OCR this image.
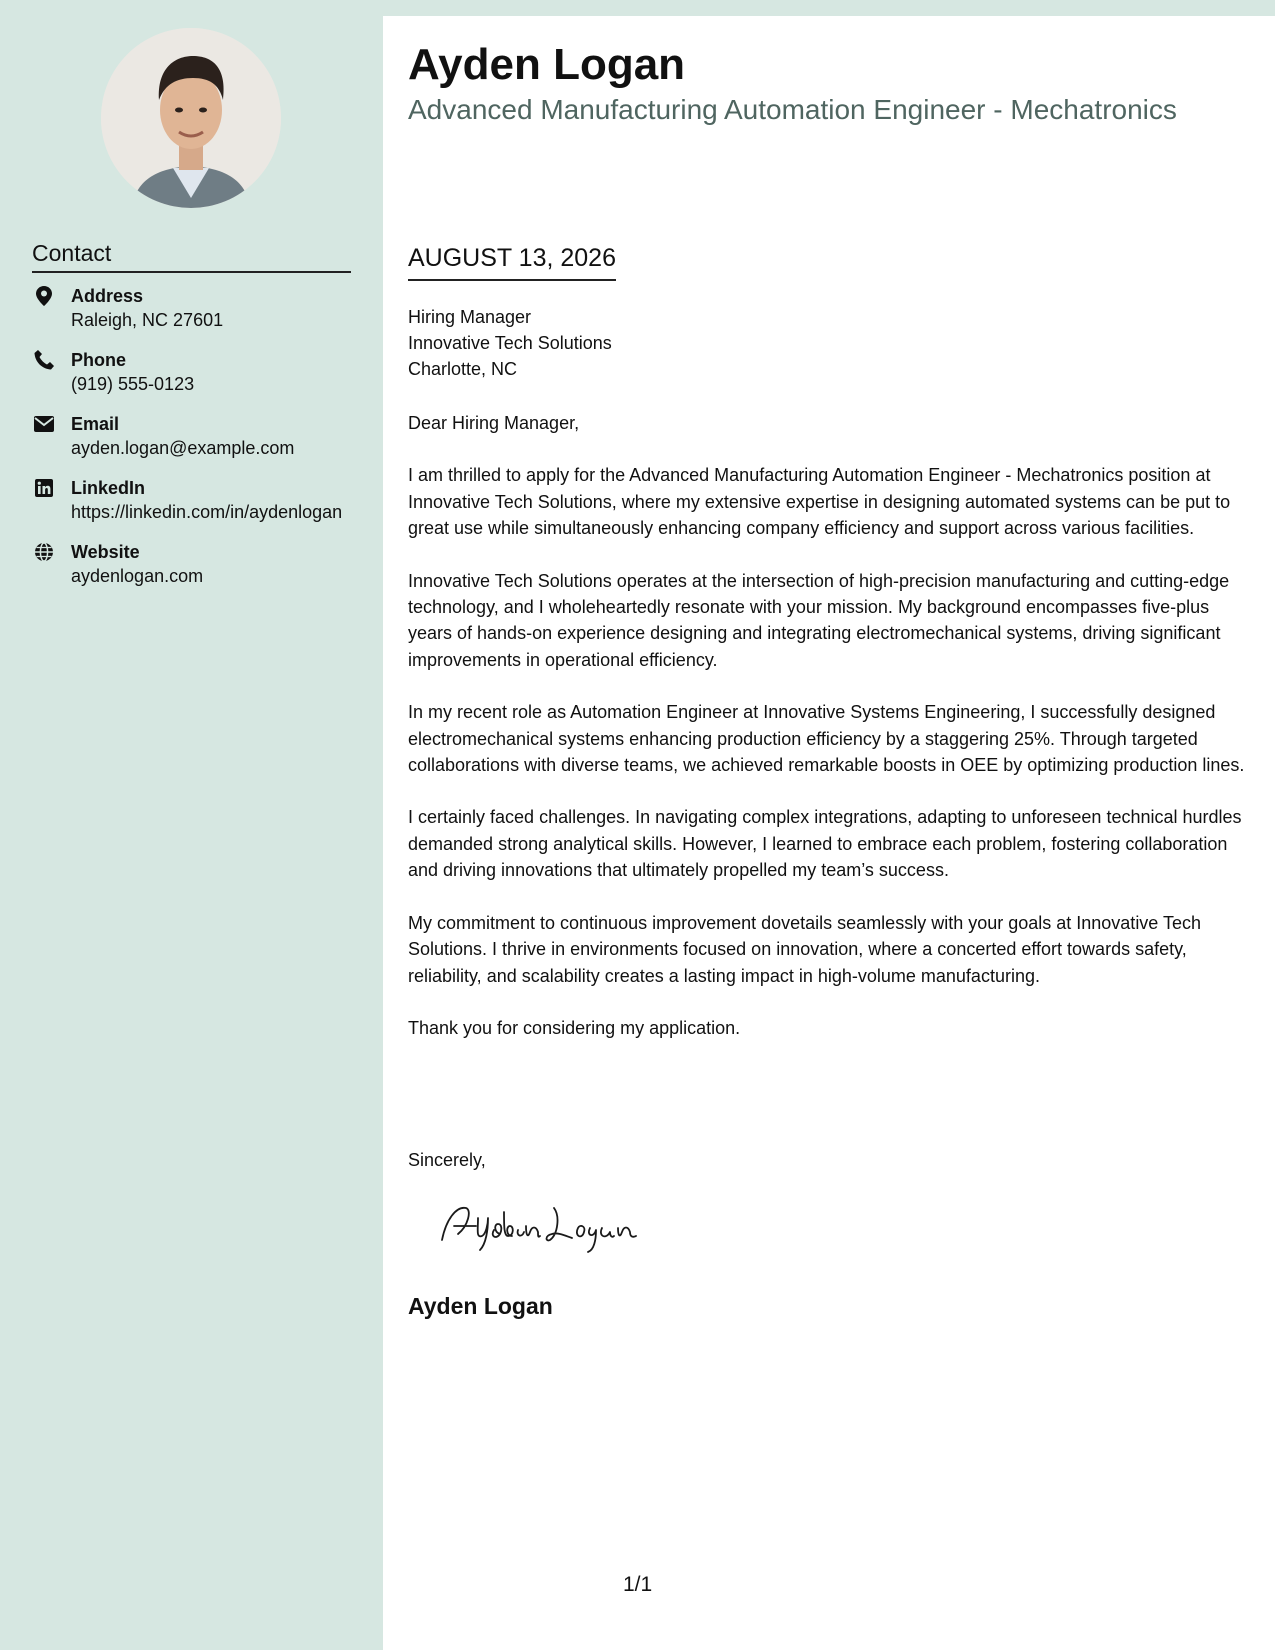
Contact
Address
Raleigh, NC 27601
Phone
(919) 555-0123
Email
ayden.logan@example.com
LinkedIn
https://linkedin.com/in/aydenlogan
Website
aydenlogan.com
Ayden Logan
Advanced Manufacturing Automation Engineer - Mechatronics
AUGUST 13, 2026
Hiring Manager
Innovative Tech Solutions
Charlotte, NC

Dear Hiring Manager,

I am thrilled to apply for the Advanced Manufacturing Automation Engineer - Mechatronics position at Innovative Tech Solutions, where my extensive expertise in designing automated systems can be put to great use while simultaneously enhancing company efficiency and support across various facilities.

Innovative Tech Solutions operates at the intersection of high-precision manufacturing and cutting-edge technology, and I wholeheartedly resonate with your mission. My background encompasses five-plus years of hands-on experience designing and integrating electromechanical systems, driving significant improvements in operational efficiency.

In my recent role as Automation Engineer at Innovative Systems Engineering, I successfully designed electromechanical systems enhancing production efficiency by a staggering 25%. Through targeted collaborations with diverse teams, we achieved remarkable boosts in OEE by optimizing production lines.

I certainly faced challenges. In navigating complex integrations, adapting to unforeseen technical hurdles demanded strong analytical skills. However, I learned to embrace each problem, fostering collaboration and driving innovations that ultimately propelled my team’s success.

My commitment to continuous improvement dovetails seamlessly with your goals at Innovative Tech Solutions. I thrive in environments focused on innovation, where a concerted effort towards safety, reliability, and scalability creates a lasting impact in high-volume manufacturing.

Thank you for considering my application.

Sincerely,
Ayden Logan
1/1
